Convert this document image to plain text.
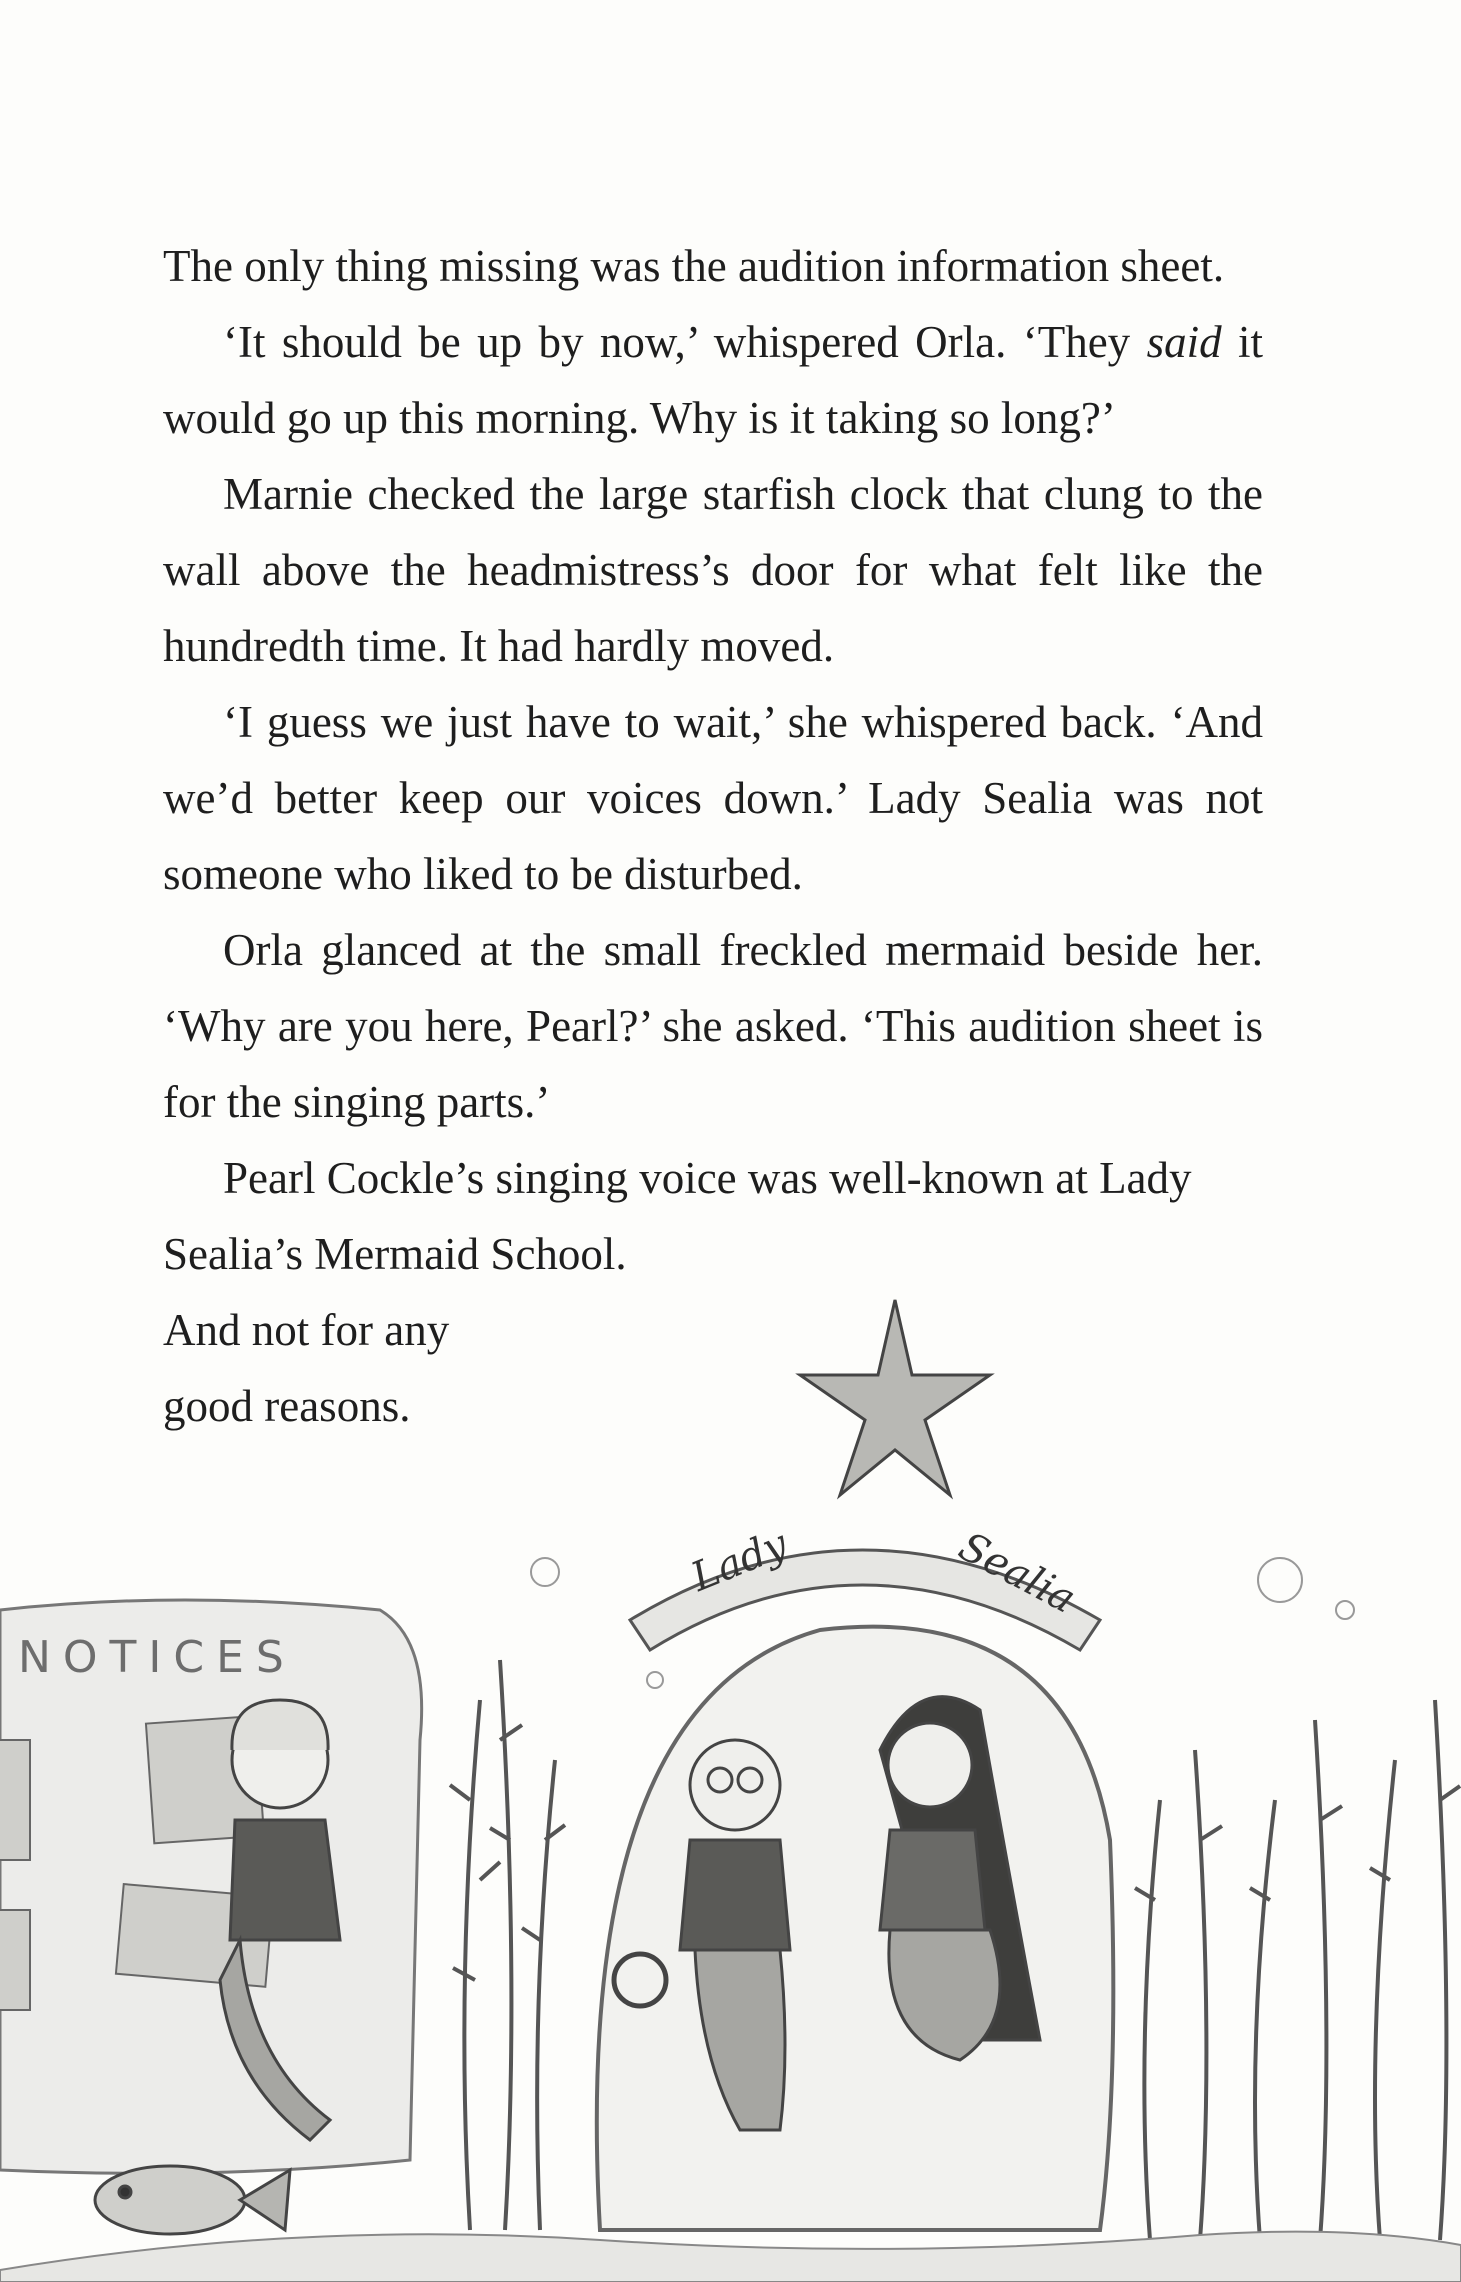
The only thing missing was the audition information sheet.

‘It should be up by now,’ whispered Orla. ‘They said it would go up this morning. Why is it taking so long?’

Marnie checked the large starfish clock that clung to the wall above the headmistress’s door for what felt like the hundredth time. It had hardly moved.

‘I guess we just have to wait,’ she whispered back. ‘And we’d better keep our voices down.’ Lady Sealia was not someone who liked to be disturbed.

Orla glanced at the small freckled mermaid beside her. ‘Why are you here, Pearl?’ she asked. ‘This audition sheet is for the singing parts.’

Pearl Cockle’s singing voice was well-known at Lady
Sealia’s Mermaid School.

And not for any
good reasons.

NOTICES
Lady	Sealia
